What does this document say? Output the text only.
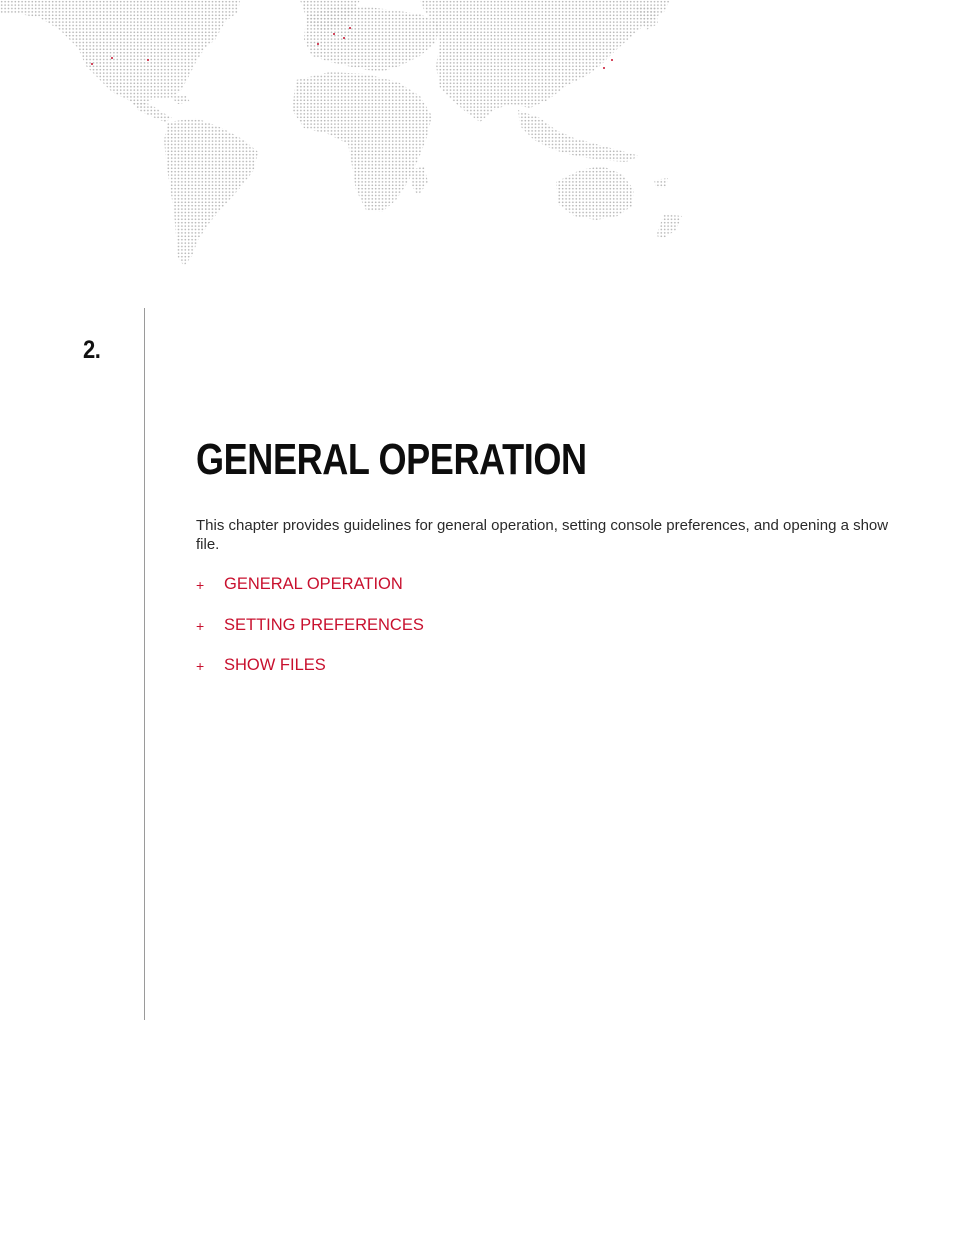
2.
GENERAL OPERATION

This chapter provides guidelines for general operation, setting console preferences, and opening a show file.

+	GENERAL OPERATION
+	SETTING PREFERENCES
+	SHOW FILES
